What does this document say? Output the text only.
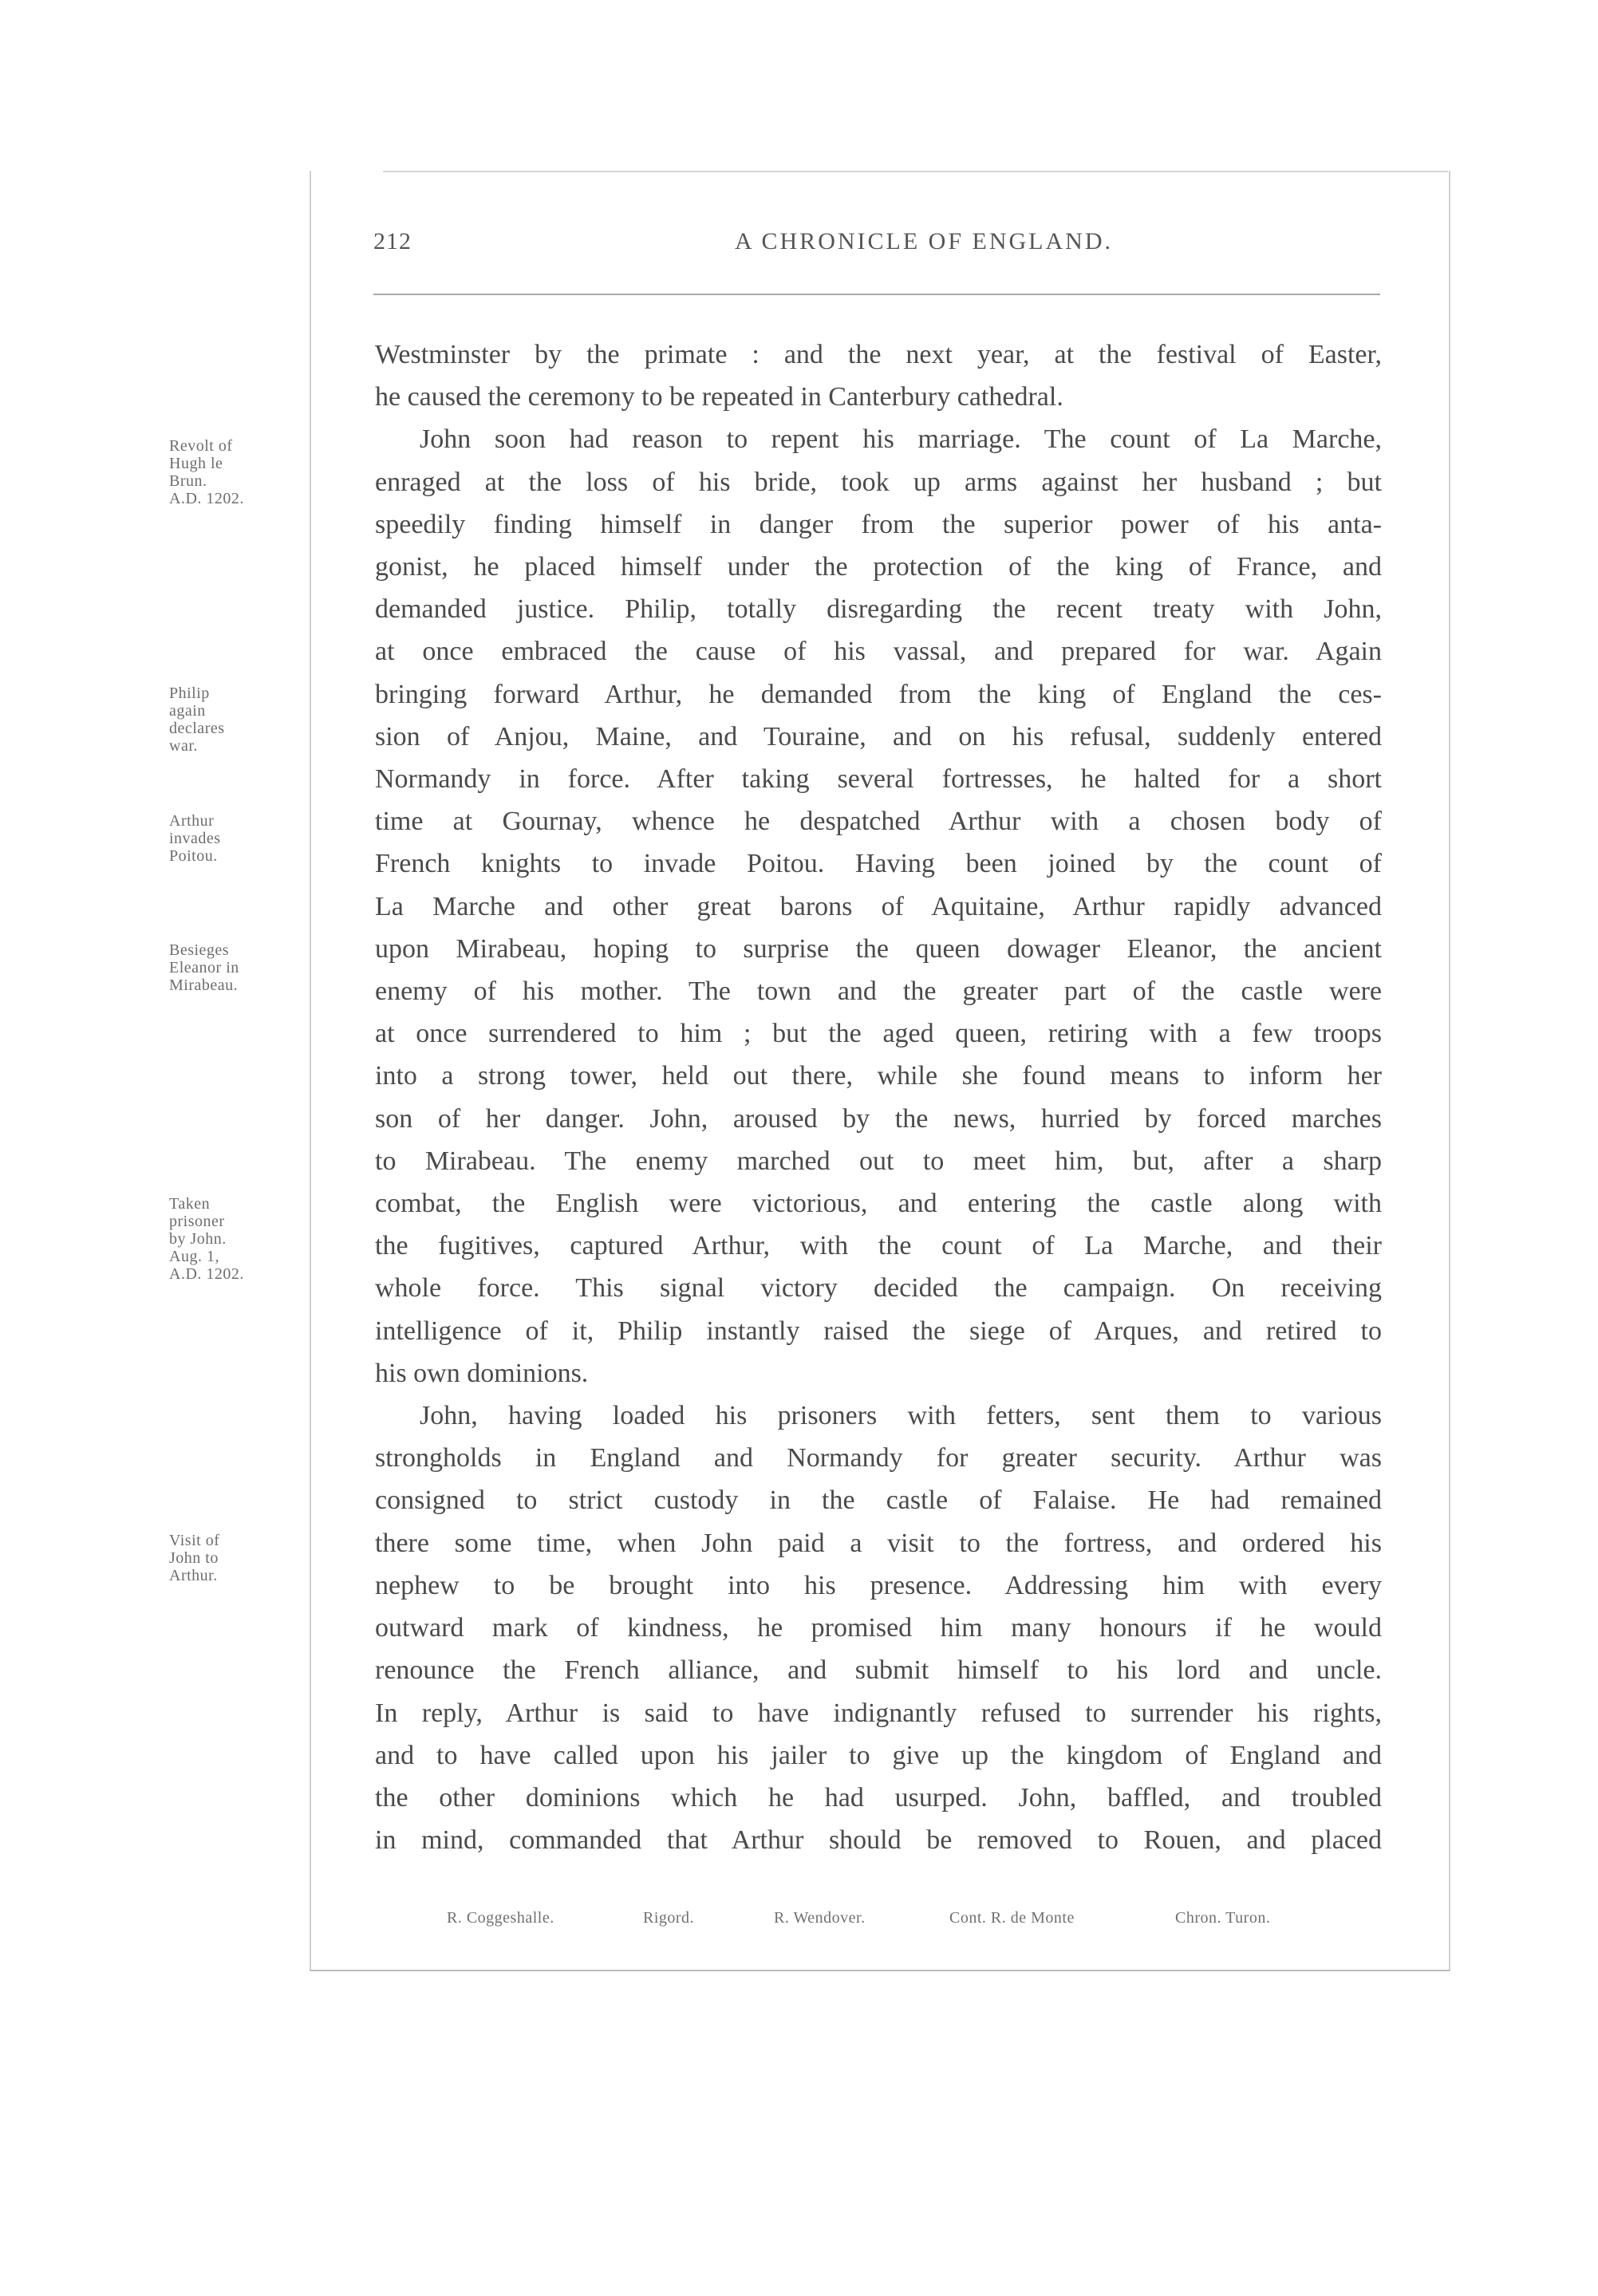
212	A CHRONICLE OF ENGLAND.
Revolt of
Hugh le
Brun.
A.D. 1202.
Philip
again
declares
war.
Arthur
invades
Poitou.
Besieges
Eleanor in
Mirabeau.
Taken
prisoner
by John.
Aug. 1,
A.D. 1202.
Visit of
John to
Arthur.

Westminster by the primate : and the next year, at the festival of Easter,
he caused the ceremony to be repeated in Canterbury cathedral.

John soon had reason to repent his marriage. The count of La Marche,
enraged at the loss of his bride, took up arms against her husband ; but
speedily finding himself in danger from the superior power of his anta-
gonist, he placed himself under the protection of the king of France, and
demanded justice. Philip, totally disregarding the recent treaty with John,
at once embraced the cause of his vassal, and prepared for war. Again
bringing forward Arthur, he demanded from the king of England the ces-
sion of Anjou, Maine, and Touraine, and on his refusal, suddenly entered
Normandy in force. After taking several fortresses, he halted for a short
time at Gournay, whence he despatched Arthur with a chosen body of
French knights to invade Poitou. Having been joined by the count of
La Marche and other great barons of Aquitaine, Arthur rapidly advanced
upon Mirabeau, hoping to surprise the queen dowager Eleanor, the ancient
enemy of his mother. The town and the greater part of the castle were
at once surrendered to him ; but the aged queen, retiring with a few troops
into a strong tower, held out there, while she found means to inform her
son of her danger. John, aroused by the news, hurried by forced marches
to Mirabeau. The enemy marched out to meet him, but, after a sharp
combat, the English were victorious, and entering the castle along with
the fugitives, captured Arthur, with the count of La Marche, and their
whole force. This signal victory decided the campaign. On receiving
intelligence of it, Philip instantly raised the siege of Arques, and retired to
his own dominions.

John, having loaded his prisoners with fetters, sent them to various
strongholds in England and Normandy for greater security. Arthur was
consigned to strict custody in the castle of Falaise. He had remained
there some time, when John paid a visit to the fortress, and ordered his
nephew to be brought into his presence. Addressing him with every
outward mark of kindness, he promised him many honours if he would
renounce the French alliance, and submit himself to his lord and uncle.
In reply, Arthur is said to have indignantly refused to surrender his rights,
and to have called upon his jailer to give up the kingdom of England and
the other dominions which he had usurped. John, baffled, and troubled
in mind, commanded that Arthur should be removed to Rouen, and placed

R. Coggeshalle.	Rigord.	R. Wendover.	Cont. R. de Monte	Chron. Turon.
